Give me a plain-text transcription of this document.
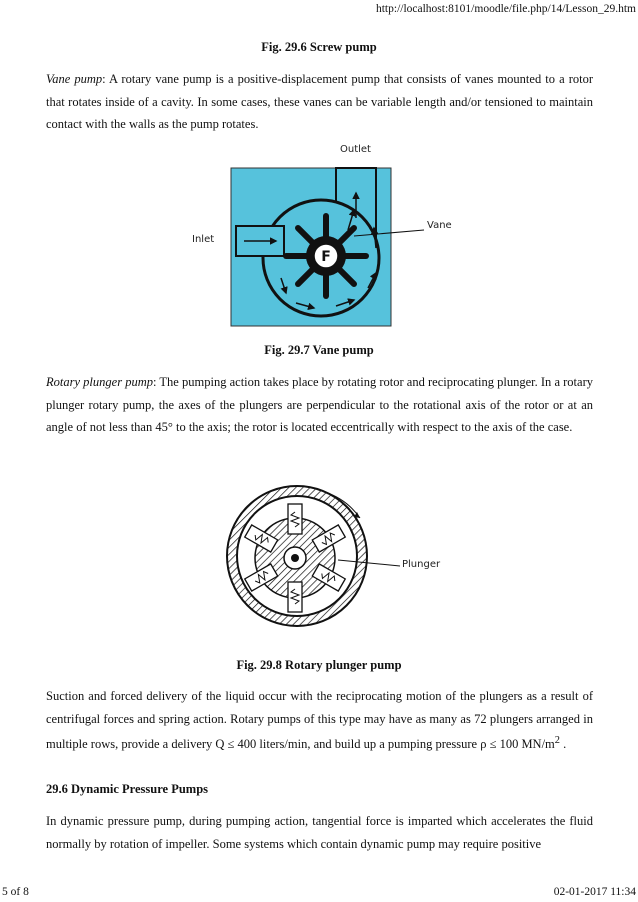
http://localhost:8101/moodle/file.php/14/Lesson_29.htm
Fig. 29.6 Screw pump

Vane pump: A rotary vane pump is a positive-displacement pump that consists of vanes mounted to a rotor that rotates inside of a cavity. In some cases, these vanes can be variable length and/or tensioned to maintain contact with the walls as the pump rotates.

F
Outlet
Inlet
Vane
Fig. 29.7 Vane pump

Rotary plunger pump: The pumping action takes place by rotating rotor and reciprocating plunger. In a rotary plunger rotary pump, the axes of the plungers are perpendicular to the rotational axis of the rotor or at an angle of not less than 45° to the axis; the rotor is located eccentrically with respect to the axis of the case.

Plunger
Fig. 29.8 Rotary plunger pump

Suction and forced delivery of the liquid occur with the reciprocating motion of the plungers as a result of centrifugal forces and spring action. Rotary pumps of this type may have as many as 72 plungers arranged in multiple rows, provide a delivery Q ≤ 400 liters/min, and build up a pumping pressure ρ ≤ 100 $MN/m^2$ .

29.6 Dynamic Pressure Pumps

In dynamic pressure pump, during pumping action, tangential force is imparted which accelerates the fluid normally by rotation of impeller. Some systems which contain dynamic pump may require positive

5 of 8	02-01-2017 11:34
